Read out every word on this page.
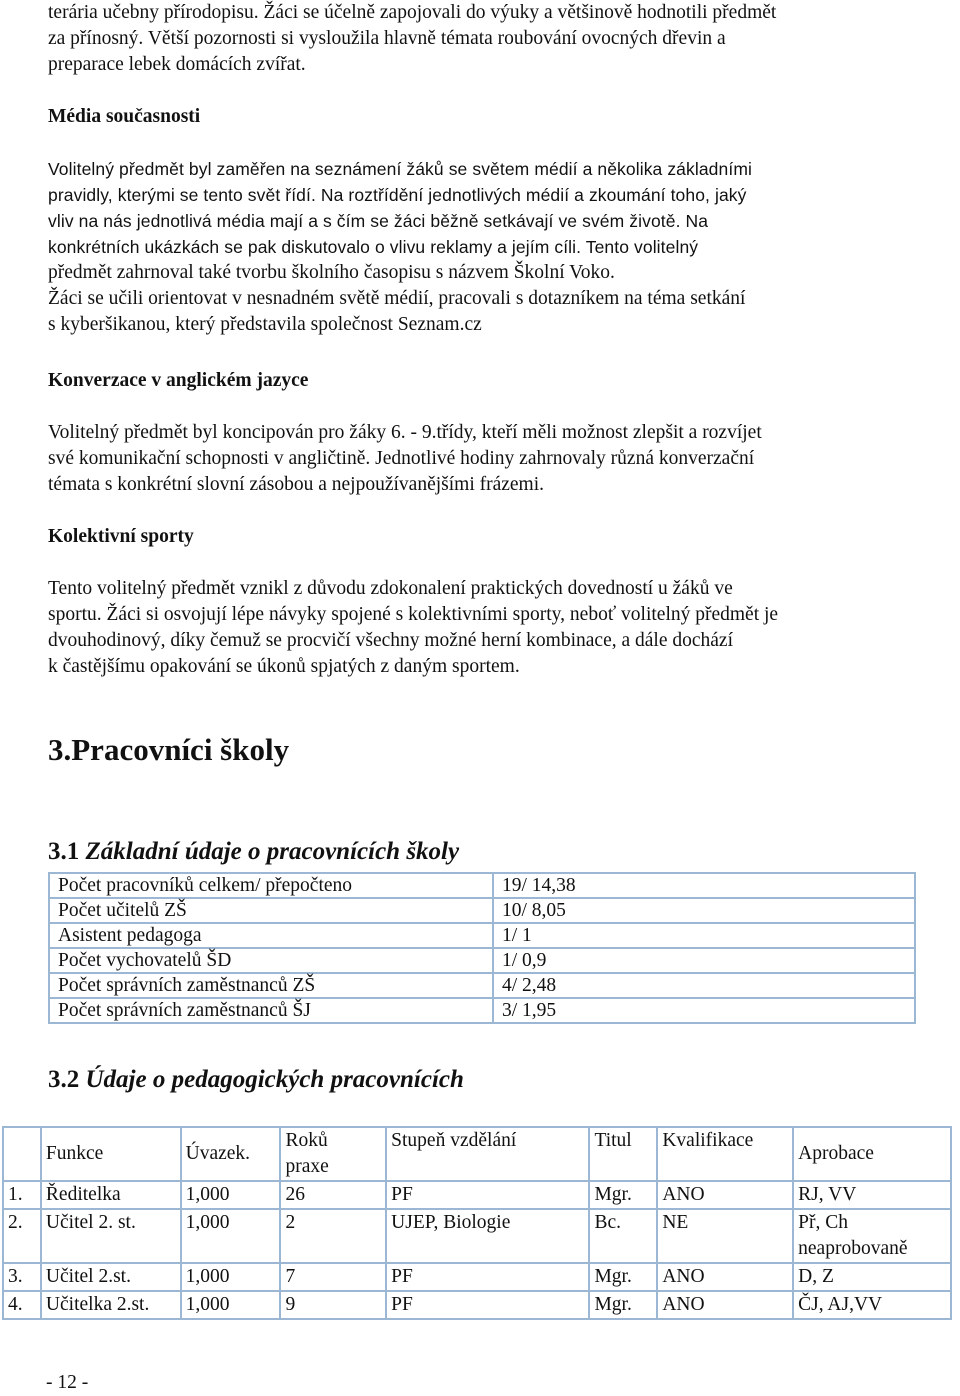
terária učebny přírodopisu. Žáci se účelně zapojovali do výuky a většinově hodnotili předmět

za přínosný. Větší pozornosti si vysloužila hlavně témata roubování ovocných dřevin a

preparace lebek domácích zvířat.

Média současnosti

Volitelný předmět byl zaměřen na seznámení žáků se světem médií a několika základními

pravidly, kterými se tento svět řídí. Na roztřídění jednotlivých médií a zkoumání toho, jaký

vliv na nás jednotlivá média mají a s čím se žáci běžně setkávají ve svém životě. Na

konkrétních ukázkách se pak diskutovalo o vlivu reklamy a jejím cíli. Tento volitelný

předmět zahrnoval také tvorbu školního časopisu s názvem Školní Voko.

Žáci se učili orientovat v nesnadném světě médií, pracovali s dotazníkem na téma setkání

s kyberšikanou, který představila společnost Seznam.cz

Konverzace v anglickém jazyce

Volitelný předmět byl koncipován pro žáky 6. - 9.třídy, kteří měli možnost zlepšit a rozvíjet

své komunikační schopnosti v angličtině. Jednotlivé hodiny zahrnovaly různá konverzační

témata s konkrétní slovní zásobou a nejpoužívanějšími frázemi.

Kolektivní sporty

Tento volitelný předmět vznikl z důvodu zdokonalení praktických dovedností u žáků ve

sportu. Žáci si osvojují lépe návyky spojené s kolektivními sporty, neboť volitelný předmět je

dvouhodinový, díky čemuž se procvičí všechny možné herní kombinace, a dále dochází

k častějšímu opakování se úkonů spjatých z daným sportem.

3.Pracovníci školy
3.1 Základní údaje o pracovnících školy
3.2 Údaje o pedagogických pracovnících
Počet pracovníků celkem/ přepočteno	19/ 14,38
Počet učitelů ZŠ	10/ 8,05
Asistent pedagoga	1/ 1
Počet vychovatelů ŠD	1/ 0,9
Počet správních zaměstnanců ZŠ	4/ 2,48
Počet správních zaměstnanců ŠJ	3/ 1,95
	Funkce	Úvazek.	Roků
praxe	Stupeň vzdělání	Titul	Kvalifikace	Aprobace
1.	Ředitelka	1,000	26	PF	Mgr.	ANO	RJ, VV
2.	Učitel 2. st.	1,000	2	UJEP, Biologie	Bc.	NE	Př, Ch
neaprobovaně

3.	Učitel 2.st.	1,000	7	PF	Mgr.	ANO	D, Z
4.	Učitelka 2.st.	1,000	9	PF	Mgr.	ANO	ČJ, AJ,VV
- 12 -
